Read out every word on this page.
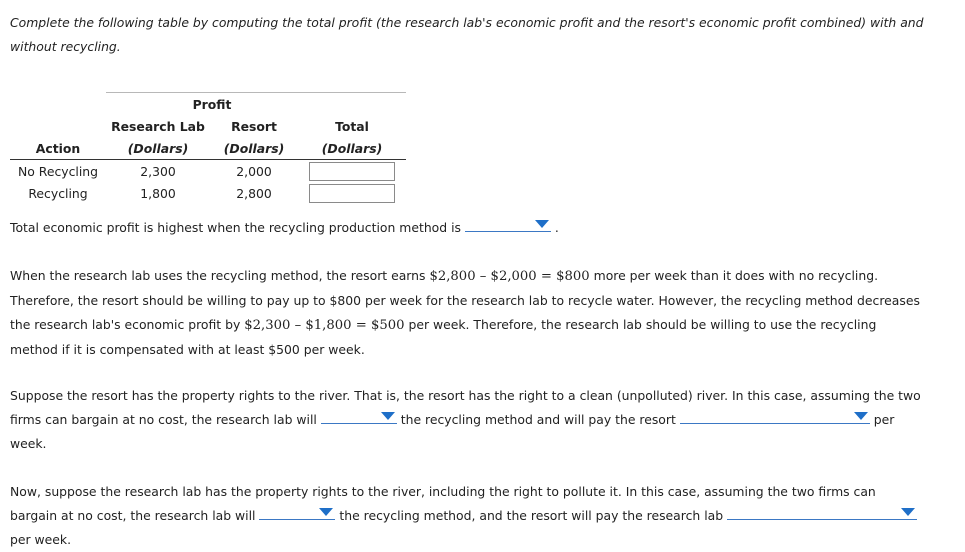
Complete the following table by computing the total profit (the research lab's economic profit and the resort's economic profit combined) with and without recycling.

	Profit		
	Research Lab	Resort	Total
Action	(Dollars)	(Dollars)	(Dollars)
No Recycling	2,300	2,000	
Recycling	1,800	2,800	
Total economic profit is highest when the recycling production method is	.
When the research lab uses the recycling method, the resort earns $2,800 – $2,000 = $800 more per week than it does with no recycling. Therefore, the resort should be willing to pay up to $800 per week for the research lab to recycle water. However, the recycling method decreases the research lab's economic profit by $2,300 – $1,800 = $500 per week. Therefore, the research lab should be willing to use the recycling method if it is compensated with at least $500 per week.
Suppose the resort has the property rights to the river. That is, the resort has the right to a clean (unpolluted) river. In this case, assuming the two firms can bargain at no cost, the research lab will	the recycling method and will pay the resort	per week.
Now, suppose the research lab has the property rights to the river, including the right to pollute it. In this case, assuming the two firms can bargain at no cost, the research lab will	the recycling method, and the resort will pay the research lab
per week.
